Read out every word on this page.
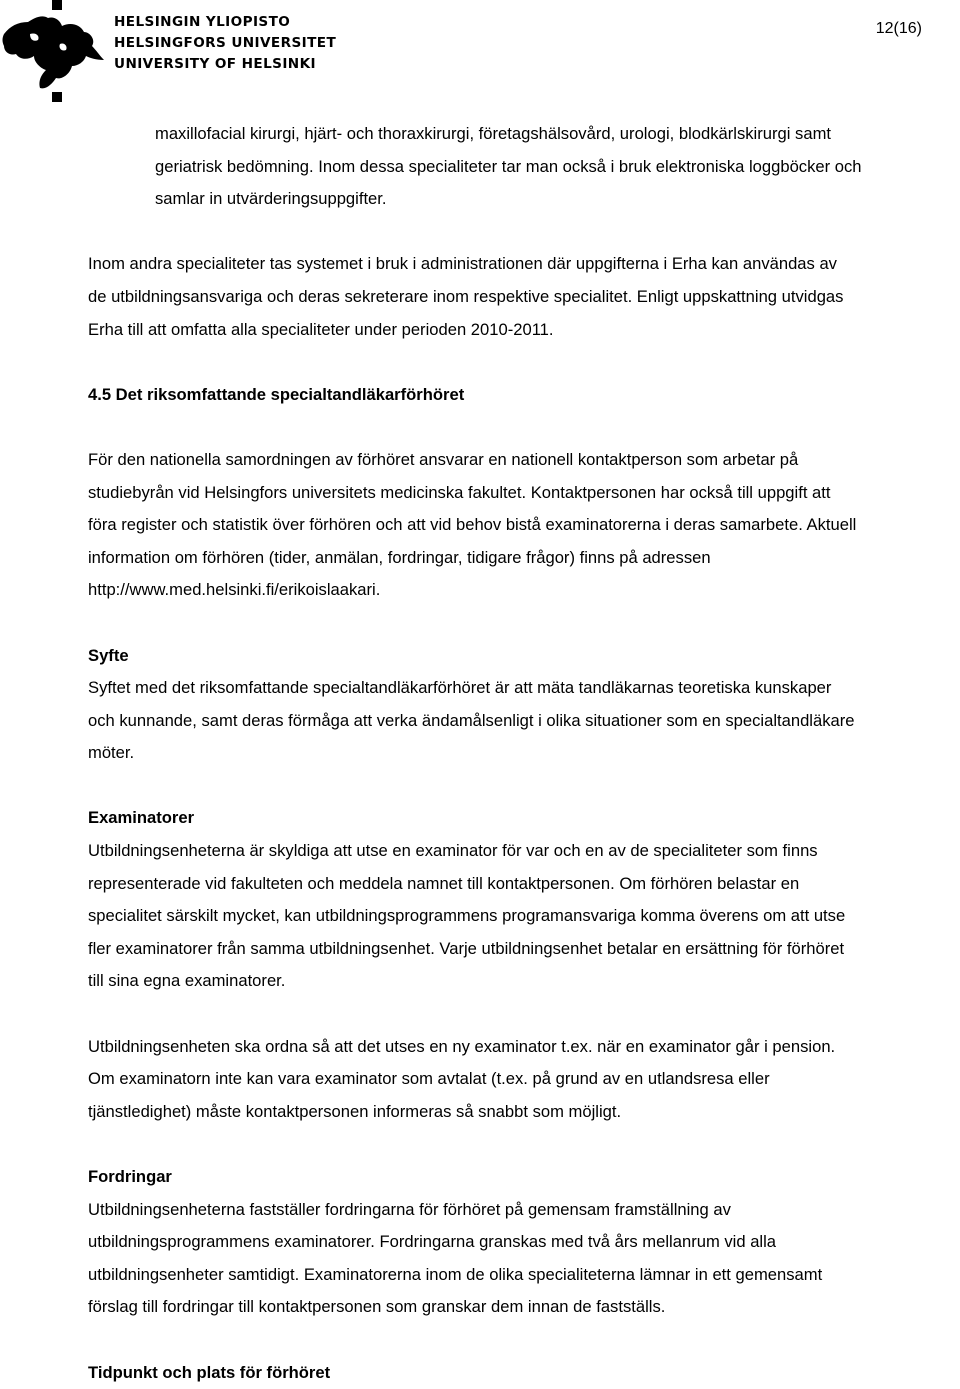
HELSINGIN YLIOPISTO
HELSINGFORS UNIVERSITET
UNIVERSITY OF HELSINKI
12(16)

maxillofacial kirurgi, hjärt- och thoraxkirurgi, företagshälsovård, urologi, blodkärlskirurgi samt

geriatrisk bedömning. Inom dessa specialiteter tar man också i bruk elektroniska loggböcker och

samlar in utvärderingsuppgifter.

Inom andra specialiteter tas systemet i bruk i administrationen där uppgifterna i Erha kan användas av

de utbildningsansvariga och deras sekreterare inom respektive specialitet. Enligt uppskattning utvidgas

Erha till att omfatta alla specialiteter under perioden 2010-2011.

4.5 Det riksomfattande specialtandläkarförhöret

För den nationella samordningen av förhöret ansvarar en nationell kontaktperson som arbetar på

studiebyrån vid Helsingfors universitets medicinska fakultet. Kontaktpersonen har också till uppgift att

föra register och statistik över förhören och att vid behov bistå examinatorerna i deras samarbete. Aktuell

information om förhören (tider, anmälan, fordringar, tidigare frågor) finns på adressen

http://www.med.helsinki.fi/erikoislaakari.

Syfte

Syftet med det riksomfattande specialtandläkarförhöret är att mäta tandläkarnas teoretiska kunskaper

och kunnande, samt deras förmåga att verka ändamålsenligt i olika situationer som en specialtandläkare

möter.

Examinatorer

Utbildningsenheterna är skyldiga att utse en examinator för var och en av de specialiteter som finns

representerade vid fakulteten och meddela namnet till kontaktpersonen. Om förhören belastar en

specialitet särskilt mycket, kan utbildningsprogrammens programansvariga komma överens om att utse

fler examinatorer från samma utbildningsenhet. Varje utbildningsenhet betalar en ersättning för förhöret

till sina egna examinatorer.

Utbildningsenheten ska ordna så att det utses en ny examinator t.ex. när en examinator går i pension.

Om examinatorn inte kan vara examinator som avtalat (t.ex. på grund av en utlandsresa eller

tjänstledighet) måste kontaktpersonen informeras så snabbt som möjligt.

Fordringar

Utbildningsenheterna fastställer fordringarna för förhöret på gemensam framställning av

utbildningsprogrammens examinatorer. Fordringarna granskas med två års mellanrum vid alla

utbildningsenheter samtidigt. Examinatorerna inom de olika specialiteterna lämnar in ett gemensamt

förslag till fordringar till kontaktpersonen som granskar dem innan de fastställs.

Tidpunkt och plats för förhöret
